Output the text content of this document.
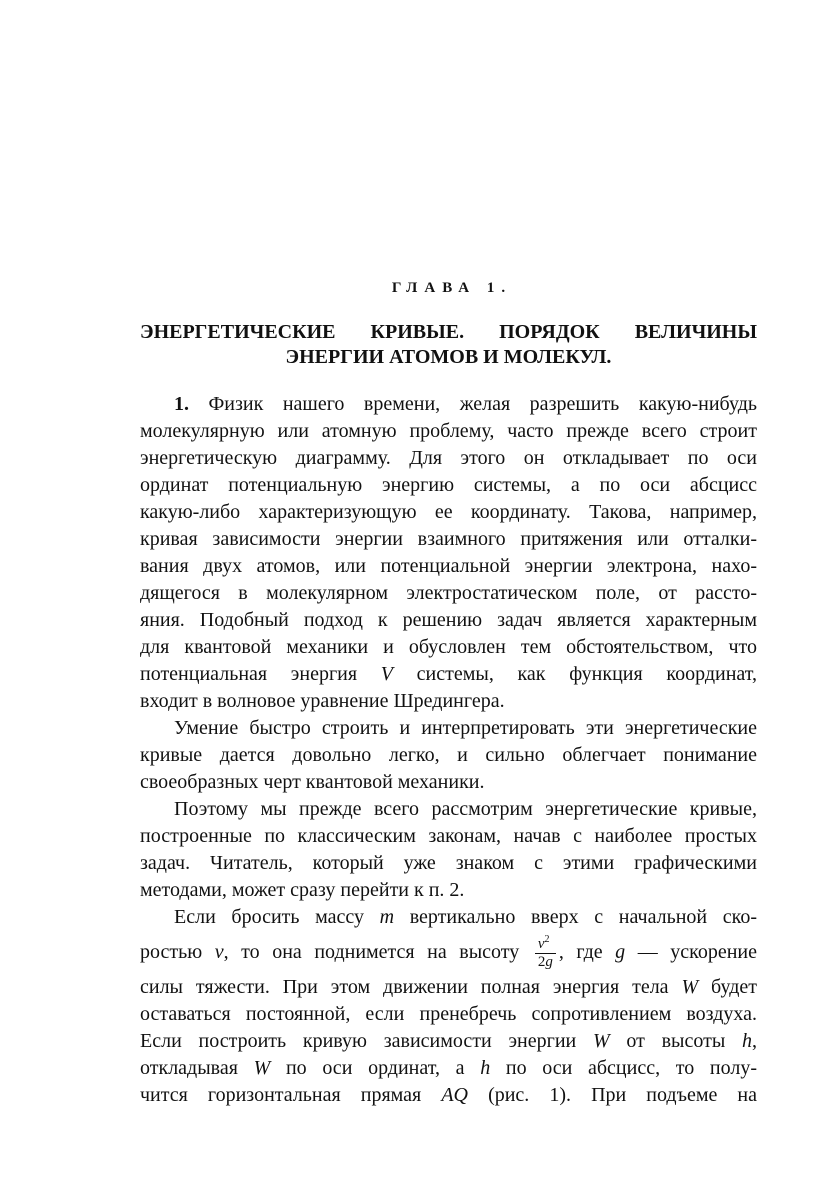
ГЛАВА 1.
ЭНЕРГЕТИЧЕСКИЕ КРИВЫЕ. ПОРЯДОК ВЕЛИЧИНЫ
ЭНЕРГИИ АТОМОВ И МОЛЕКУЛ.
1. Физик нашего времени, желая разрешить какую-нибудь
молекулярную или атомную проблему, часто прежде всего строит
энергетическую диаграмму. Для этого он откладывает по оси
ординат потенциальную энергию системы, а по оси абсцисс
какую-либо характеризующую ее координату. Такова, например,
кривая зависимости энергии взаимного притяжения или отталки-
вания двух атомов, или потенциальной энергии электрона, нахо-
дящегося в молекулярном электростатическом поле, от рассто-
яния. Подобный подход к решению задач является характерным
для квантовой механики и обусловлен тем обстоятельством, что
потенциальная энергия V системы, как функция координат,
входит в волновое уравнение Шредингера.
Умение быстро строить и интерпретировать эти энергетические
кривые дается довольно легко, и сильно облегчает понимание
своеобразных черт квантовой механики.
Поэтому мы прежде всего рассмотрим энергетические кривые,
построенные по классическим законам, начав с наиболее простых
задач. Читатель, который уже знаком с этими графическими
методами, может сразу перейти к п. 2.
Если бросить массу m вертикально вверх с начальной ско-
ростью v, то она поднимется на высоту $\frac{v^2}{2g}$ , где g — ускорение
силы тяжести. При этом движении полная энергия тела W будет
оставаться постоянной, если пренебречь сопротивлением воздуха.
Если построить кривую зависимости энергии W от высоты h,
откладывая W по оси ординат, а h по оси абсцисс, то полу-
чится горизонтальная прямая AQ (рис. 1). При подъеме на
